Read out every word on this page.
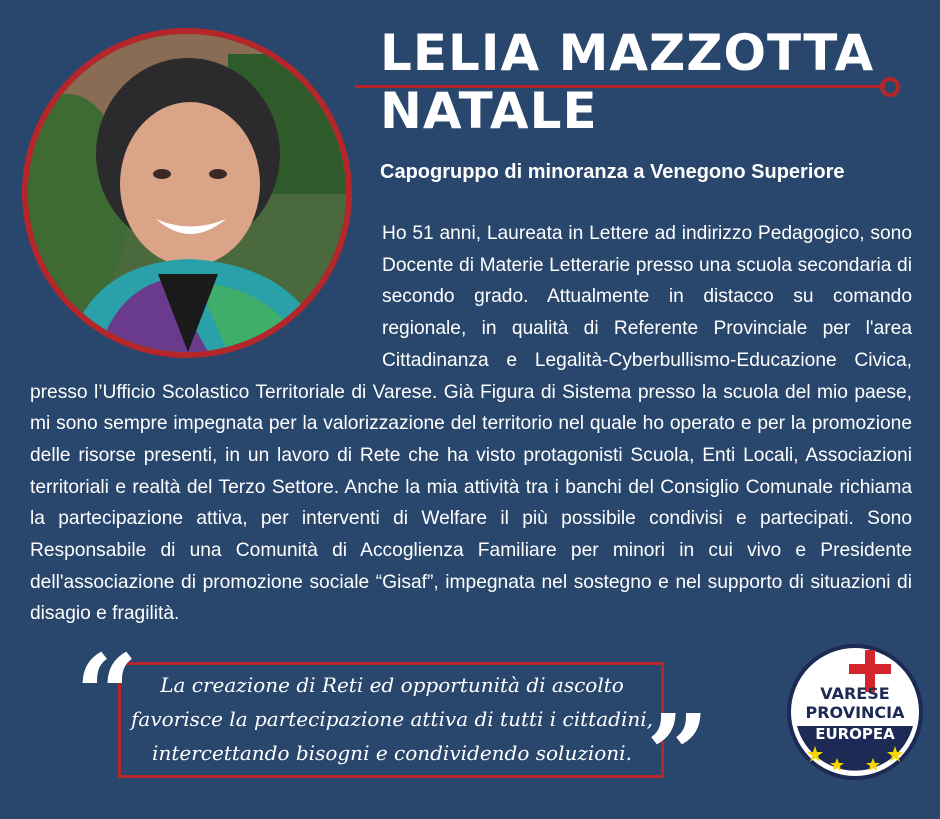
LELIA MAZZOTTA NATALE

Capogruppo di minoranza a Venegono Superiore

Ho 51 anni, Laureata in Lettere ad indirizzo Pedagogico, sono Docente di Materie Letterarie presso una scuola secondaria di secondo grado. Attualmente in distacco su comando regionale, in qualità di Referente Provinciale per l'area Cittadinanza e Legalità-Cyberbullismo-Educazione Civica, presso l’Ufficio Scolastico Territoriale di Varese. Già Figura di Sistema presso la scuola del mio paese, mi sono sempre impegnata per la valorizzazione del territorio nel quale ho operato e per la promozione delle risorse presenti, in un lavoro di Rete che ha visto protagonisti Scuola, Enti Locali, Associazioni territoriali e realtà del Terzo Settore. Anche la mia attività tra i banchi del Consiglio Comunale richiama la partecipazione attiva, per interventi di Welfare il più possibile condivisi e partecipati. Sono Responsabile di una Comunità di Accoglienza Familiare per minori in cui vivo e Presidente dell'associazione di promozione sociale “Gisaf”, impegnata nel sostegno e nel supporto di situazioni di disagio e fragilità.

“	La creazione di Reti ed opportunità di ascolto favorisce la partecipazione attiva di tutti i cittadini, intercettando bisogni e condividendo soluzioni. ”	VARESE
PROVINCIA
EUROPEA
